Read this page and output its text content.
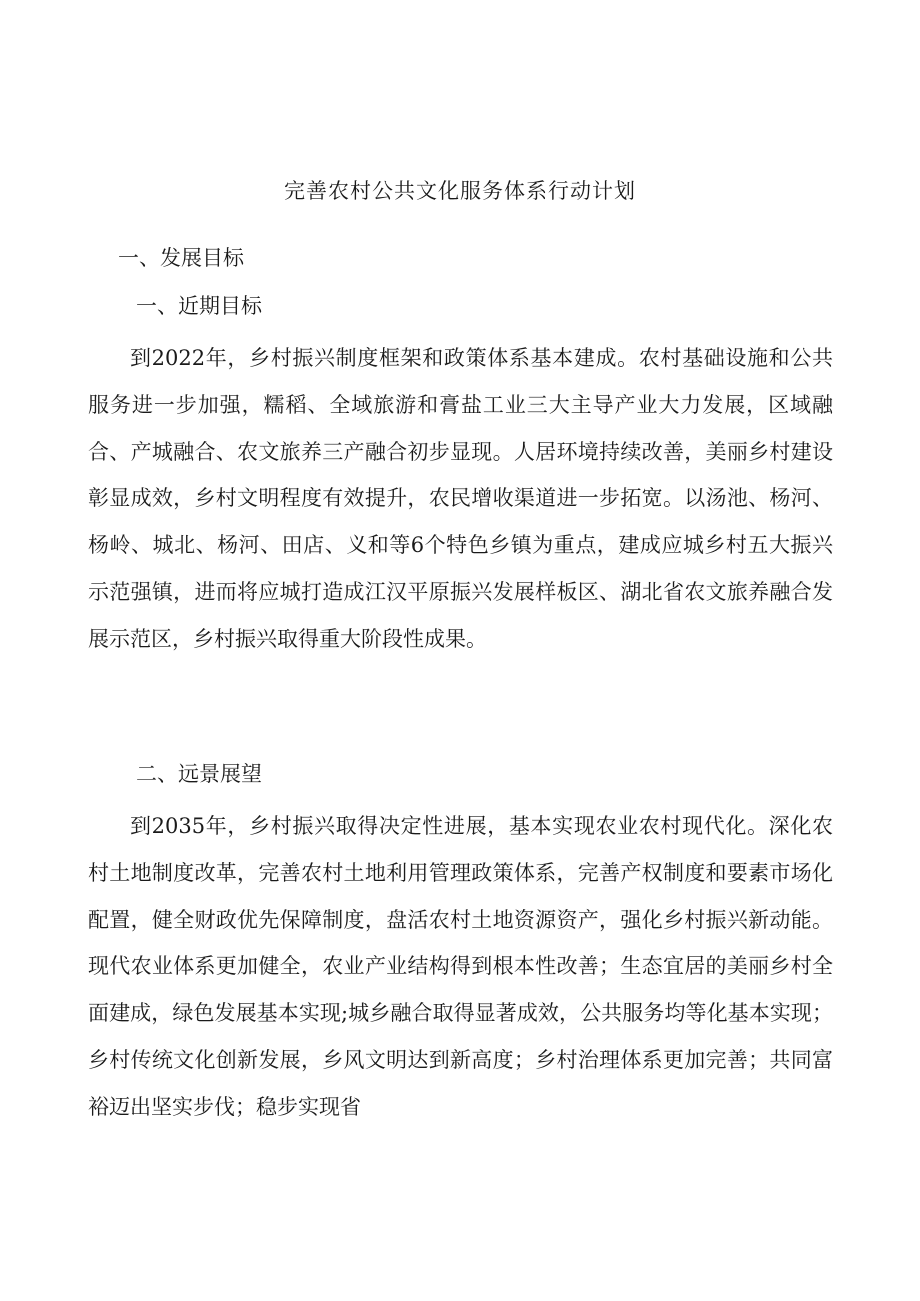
完善农村公共文化服务体系行动计划
一、发展目标
一、近期目标

到2022年，乡村振兴制度框架和政策体系基本建成。农村基础设施和公共服务进一步加强，糯稻、全域旅游和膏盐工业三大主导产业大力发展，区域融合、产城融合、农文旅养三产融合初步显现。人居环境持续改善，美丽乡村建设彰显成效，乡村文明程度有效提升，农民增收渠道进一步拓宽。以汤池、杨河、杨岭、城北、杨河、田店、义和等6个特色乡镇为重点，建成应城乡村五大振兴示范强镇，进而将应城打造成江汉平原振兴发展样板区、湖北省农文旅养融合发展示范区，乡村振兴取得重大阶段性成果。

二、远景展望

到2035年，乡村振兴取得决定性进展，基本实现农业农村现代化。深化农村土地制度改革，完善农村土地利用管理政策体系，完善产权制度和要素市场化配置，健全财政优先保障制度，盘活农村土地资源资产，强化乡村振兴新动能。现代农业体系更加健全，农业产业结构得到根本性改善；生态宜居的美丽乡村全面建成，绿色发展基本实现;城乡融合取得显著成效，公共服务均等化基本实现；乡村传统文化创新发展，乡风文明达到新高度；乡村治理体系更加完善；共同富裕迈出坚实步伐；稳步实现省
